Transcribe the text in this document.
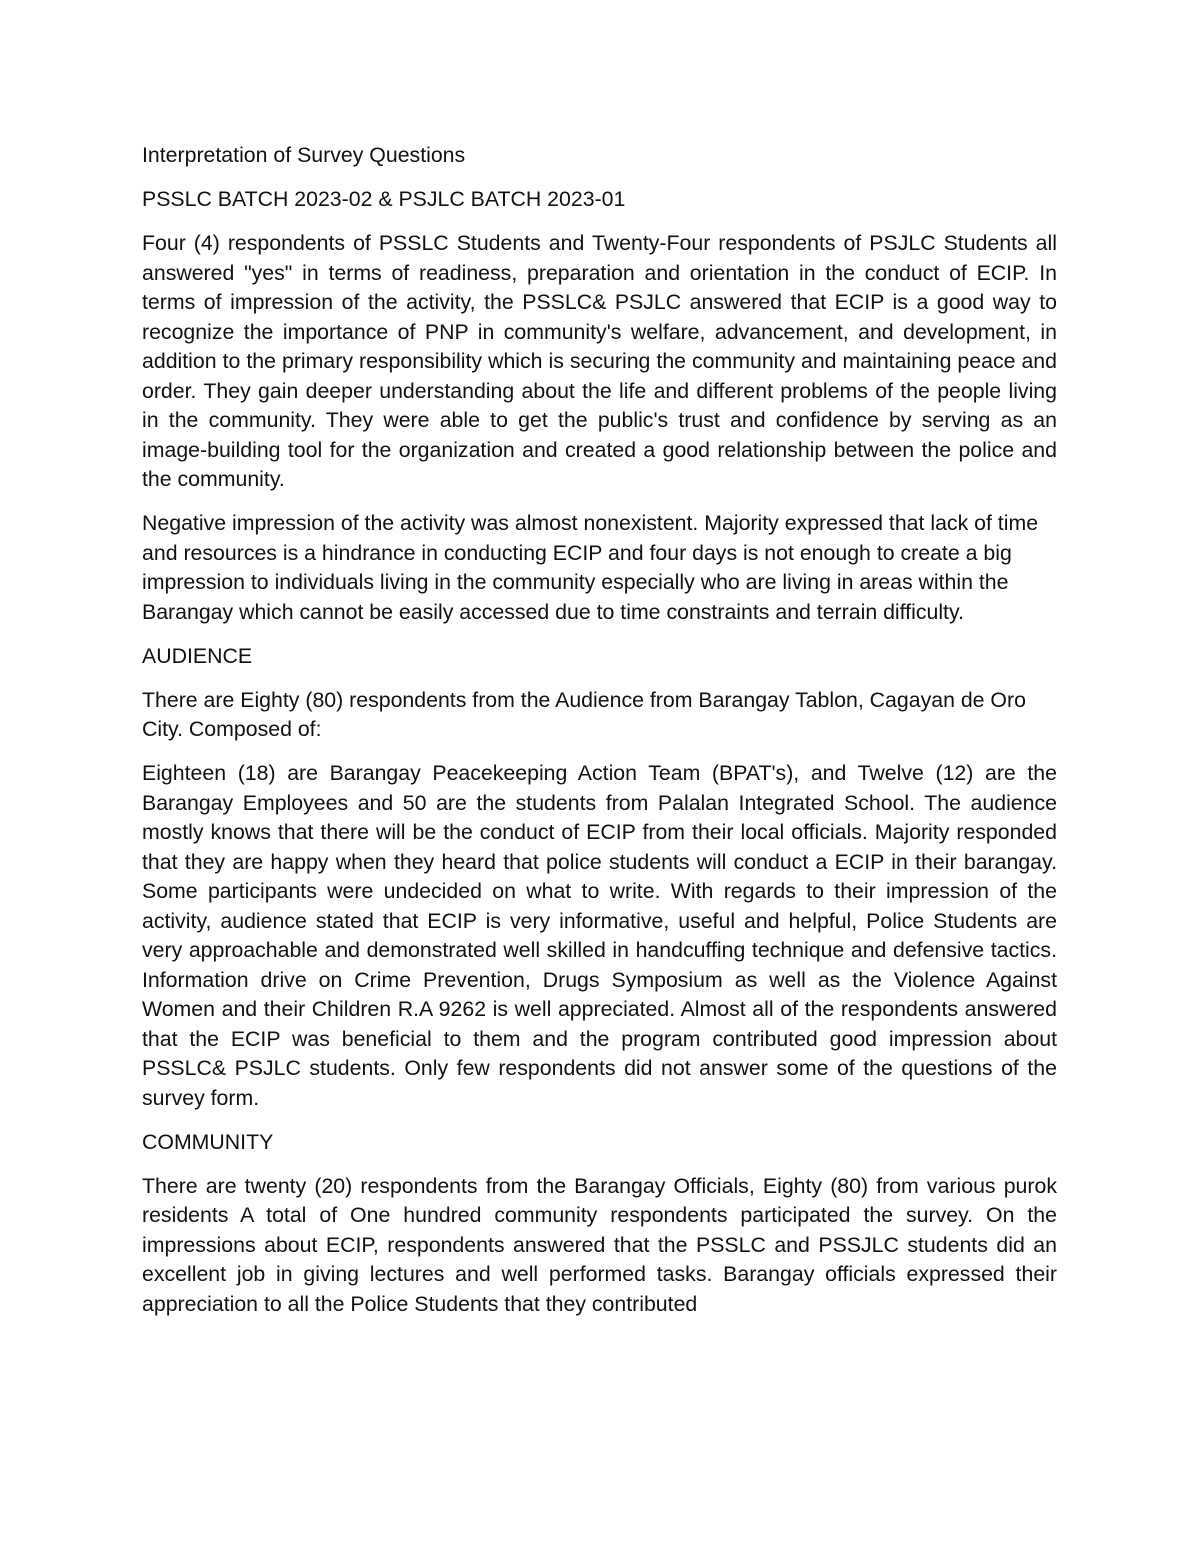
Interpretation of Survey Questions

PSSLC BATCH 2023-02 & PSJLC BATCH 2023-01

Four (4) respondents of PSSLC Students and Twenty-Four respondents of PSJLC Students all answered "yes" in terms of readiness, preparation and orientation in the conduct of ECIP. In terms of impression of the activity, the PSSLC& PSJLC answered that ECIP is a good way to recognize the importance of PNP in community's welfare, advancement, and development, in addition to the primary responsibility which is securing the community and maintaining peace and order. They gain deeper understanding about the life and different problems of the people living in the community. They were able to get the public's trust and confidence by serving as an image-building tool for the organization and created a good relationship between the police and the community.

Negative impression of the activity was almost nonexistent. Majority expressed that lack of time and resources is a hindrance in conducting ECIP and four days is not enough to create a big impression to individuals living in the community especially who are living in areas within the Barangay which cannot be easily accessed due to time constraints and terrain difficulty.

AUDIENCE

There are Eighty (80) respondents from the Audience from Barangay Tablon, Cagayan de Oro City. Composed of:

Eighteen (18) are Barangay Peacekeeping Action Team (BPAT's), and Twelve (12) are the Barangay Employees and 50 are the students from Palalan Integrated School. The audience mostly knows that there will be the conduct of ECIP from their local officials. Majority responded that they are happy when they heard that police students will conduct a ECIP in their barangay. Some participants were undecided on what to write. With regards to their impression of the activity, audience stated that ECIP is very informative, useful and helpful, Police Students are very approachable and demonstrated well skilled in handcuffing technique and defensive tactics. Information drive on Crime Prevention, Drugs Symposium as well as the Violence Against Women and their Children R.A 9262 is well appreciated. Almost all of the respondents answered that the ECIP was beneficial to them and the program contributed good impression about PSSLC& PSJLC students. Only few respondents did not answer some of the questions of the survey form.

COMMUNITY

There are twenty (20) respondents from the Barangay Officials, Eighty (80) from various purok residents A total of One hundred community respondents participated the survey. On the impressions about ECIP, respondents answered that the PSSLC and PSSJLC students did an excellent job in giving lectures and well performed tasks. Barangay officials expressed their appreciation to all the Police Students that they contributed
